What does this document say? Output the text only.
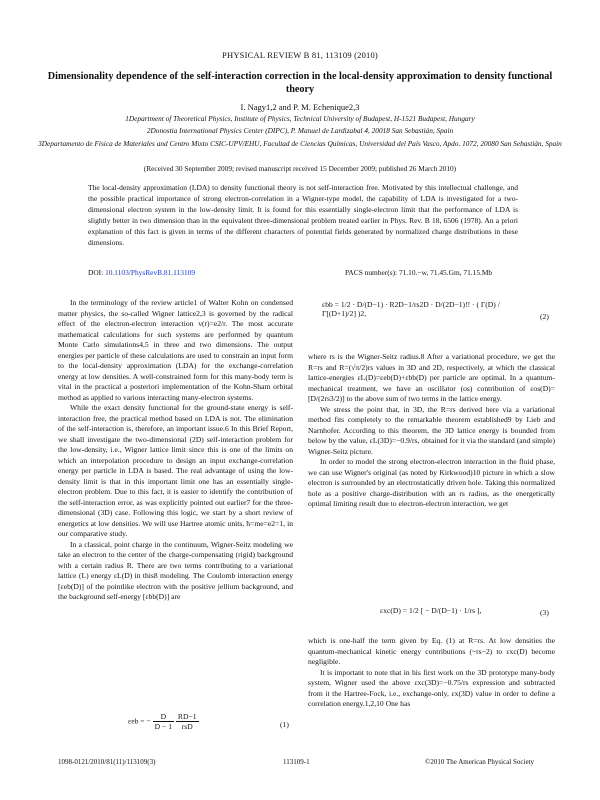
PHYSICAL REVIEW B 81, 113109 (2010)
Dimensionality dependence of the self-interaction correction in the local-density approximation to density functional theory
I. Nagy1,2 and P. M. Echenique2,3
1Department of Theoretical Physics, Institute of Physics, Technical University of Budapest, H-1521 Budapest, Hungary
2Donostia International Physics Center (DIPC), P. Manuel de Lardizabal 4, 20018 San Sebastián, Spain
3Departamento de Física de Materiales and Centro Mixto CSIC-UPV/EHU, Facultad de Ciencias Químicas, Universidad del País Vasco, Apdo. 1072, 20080 San Sebastián, Spain
(Received 30 September 2009; revised manuscript received 15 December 2009; published 26 March 2010)
The local-density approximation (LDA) to density functional theory is not self-interaction free. Motivated by this intellectual challenge, and the possible practical importance of strong electron-correlation in a Wigner-type model, the capability of LDA is investigated for a two-dimensional electron system in the low-density limit. It is found for this essentially single-electron limit that the performance of LDA is slightly better in two dimension than in the equivalent three-dimensional problem treated earlier in Phys. Rev. B 18, 6506 (1978). An a priori explanation of this fact is given in terms of the different characters of potential fields generated by normalized charge distributions in these dimensions.
DOI: 10.1103/PhysRevB.81.113109	PACS number(s): 71.10.−w, 71.45.Gm, 71.15.Mb

In the terminology of the review article1 of Walter Kohn on condensed matter physics, the so-called Wigner lattice2,3 is governed by the radical effect of the electron-electron interaction v(r)=e2/r. The most accurate mathematical calculations for such systems are performed by quantum Monte Carlo simulations4,5 in three and two dimensions. The output energies per particle of these calculations are used to constrain an input form to the local-density approximation (LDA) for the exchange-correlation energy at low densities. A well-constrained form for this many-body term is vital in the practical a posteriori implementation of the Kohn-Sham orbital method as applied to various interacting many-electron systems.

While the exact density functional for the ground-state energy is self-interaction free, the practical method based on LDA is not. The elimination of the self-interaction is, therefore, an important issue.6 In this Brief Report, we shall investigate the two-dimensional (2D) self-interaction problem for the low-density, i.e., Wigner lattice limit since this is one of the limits on which an interpolation procedure to design an input exchange-correlation energy per particle in LDA is based. The real advantage of using the low-density limit is that in this important limit one has an essentially single-electron problem. Due to this fact, it is easier to identify the contribution of the self-interaction error, as was explicitly pointed out earlier7 for the three-dimensional (3D) case. Following this logic, we start by a short review of energetics at low densities. We will use Hartree atomic units, ħ=me=e2=1, in our comparative study.

In a classical, point charge in the continuum, Wigner-Seitz modeling we take an electron to the center of the charge-compensating (rigid) background with a certain radius R. There are two terms contributing to a variational lattice (L) energy εL(D) in this8 modeling. The Coulomb interaction energy [εeb(D)] of the pointlike electron with the positive jellium background, and the background self-energy [εbb(D)] are

εeb = − $\frac{D}{D - 1}$
$\frac{RD-1}{\text{rsD}}$	(1)
εbb = 1/2 · D/(D−1) · R2D−1/rs2D · D/(2D−1)!! · ( Γ(D) / Γ[(D+1)/2] )2,	(2)

where rs is the Wigner-Seitz radius.8 After a variational procedure, we get the R=rs and R=(√π/2)rs values in 3D and 2D, respectively, at which the classical lattice-energies εL(D)=εeb(D)+εbb(D) per particle are optimal. In a quantum-mechanical treatment, we have an oscillator (os) contribution of εos(D)=[D/(2rs3/2)] to the above sum of two terms in the lattice energy.

We stress the point that, in 3D, the R=rs derived here via a variational method fits completely to the remarkable theorem established9 by Lieb and Narnhofer. According to this theorem, the 3D lattice energy is bounded from below by the value, εL(3D)=−0.9/rs, obtained for it via the standard (and simple) Wigner-Seitz picture.

In order to model the strong electron-electron interaction in the fluid phase, we can use Wigner's original (as noted by Kirkwood)10 picture in which a slow electron is surrounded by an electrostatically driven hole. Taking this normalized hole as a positive charge-distribution with an rs radius, as the energetically optimal limiting result due to electron-electron interaction, we get

εxc(D) = 1/2 [ − D/(D−1) · 1/rs ],	(3)

which is one-half the term given by Eq. (1) at R=rs. At low densities the quantum-mechanical kinetic energy contributions (~rs−2) to εxc(D) become negligible.

It is important to note that in his first work on the 3D prototype many-body system, Wigner used the above εxc(3D)=−0.75/rs expression and subtracted from it the Hartree-Fock, i.e., exchange-only, εx(3D) value in order to define a correlation energy.1,2,10 One has

1098-0121/2010/81(11)/113109(3)	113109-1	©2010 The American Physical Society
